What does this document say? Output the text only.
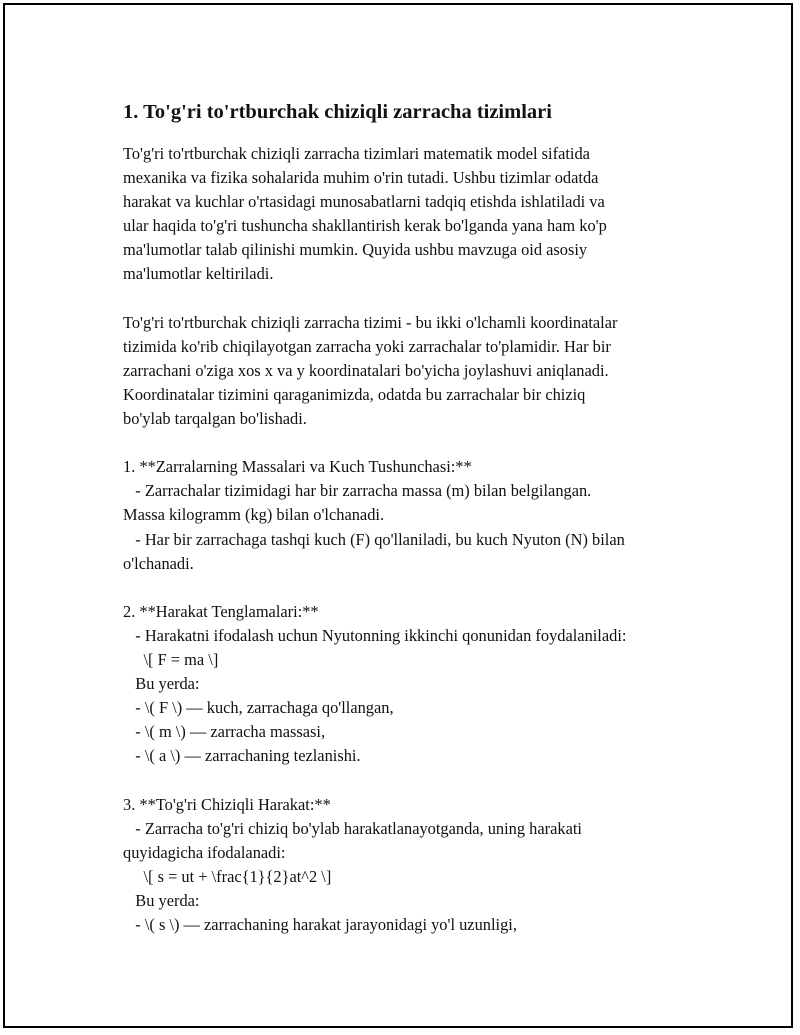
1. To'g'ri to'rtburchak chiziqli zarracha tizimlari
To'g'ri to'rtburchak chiziqli zarracha tizimlari matematik model sifatida
mexanika va fizika sohalarida muhim o'rin tutadi. Ushbu tizimlar odatda
harakat va kuchlar o'rtasidagi munosabatlarni tadqiq etishda ishlatiladi va
ular haqida to'g'ri tushuncha shakllantirish kerak bo'lganda yana ham ko'p
ma'lumotlar talab qilinishi mumkin. Quyida ushbu mavzuga oid asosiy
ma'lumotlar keltiriladi.
To'g'ri to'rtburchak chiziqli zarracha tizimi - bu ikki o'lchamli koordinatalar
tizimida ko'rib chiqilayotgan zarracha yoki zarrachalar to'plamidir. Har bir
zarrachani o'ziga xos x va y koordinatalari bo'yicha joylashuvi aniqlanadi.
Koordinatalar tizimini qaraganimizda, odatda bu zarrachalar bir chiziq
bo'ylab tarqalgan bo'lishadi.
1. **Zarralarning Massalari va Kuch Tushunchasi:**
- Zarrachalar tizimidagi har bir zarracha massa (m) bilan belgilangan.
Massa kilogramm (kg) bilan o'lchanadi.
- Har bir zarrachaga tashqi kuch (F) qo'llaniladi, bu kuch Nyuton (N) bilan
o'lchanadi.
2. **Harakat Tenglamalari:**
- Harakatni ifodalash uchun Nyutonning ikkinchi qonunidan foydalaniladi:
\[ F = ma \]
Bu yerda:
- \( F \) — kuch, zarrachaga qo'llangan,
- \( m \) — zarracha massasi,
- \( a \) — zarrachaning tezlanishi.
3. **To'g'ri Chiziqli Harakat:**
- Zarracha to'g'ri chiziq bo'ylab harakatlanayotganda, uning harakati
quyidagicha ifodalanadi:
\[ s = ut + \frac{1}{2}at^2 \]
Bu yerda:
- \( s \) — zarrachaning harakat jarayonidagi yo'l uzunligi,
